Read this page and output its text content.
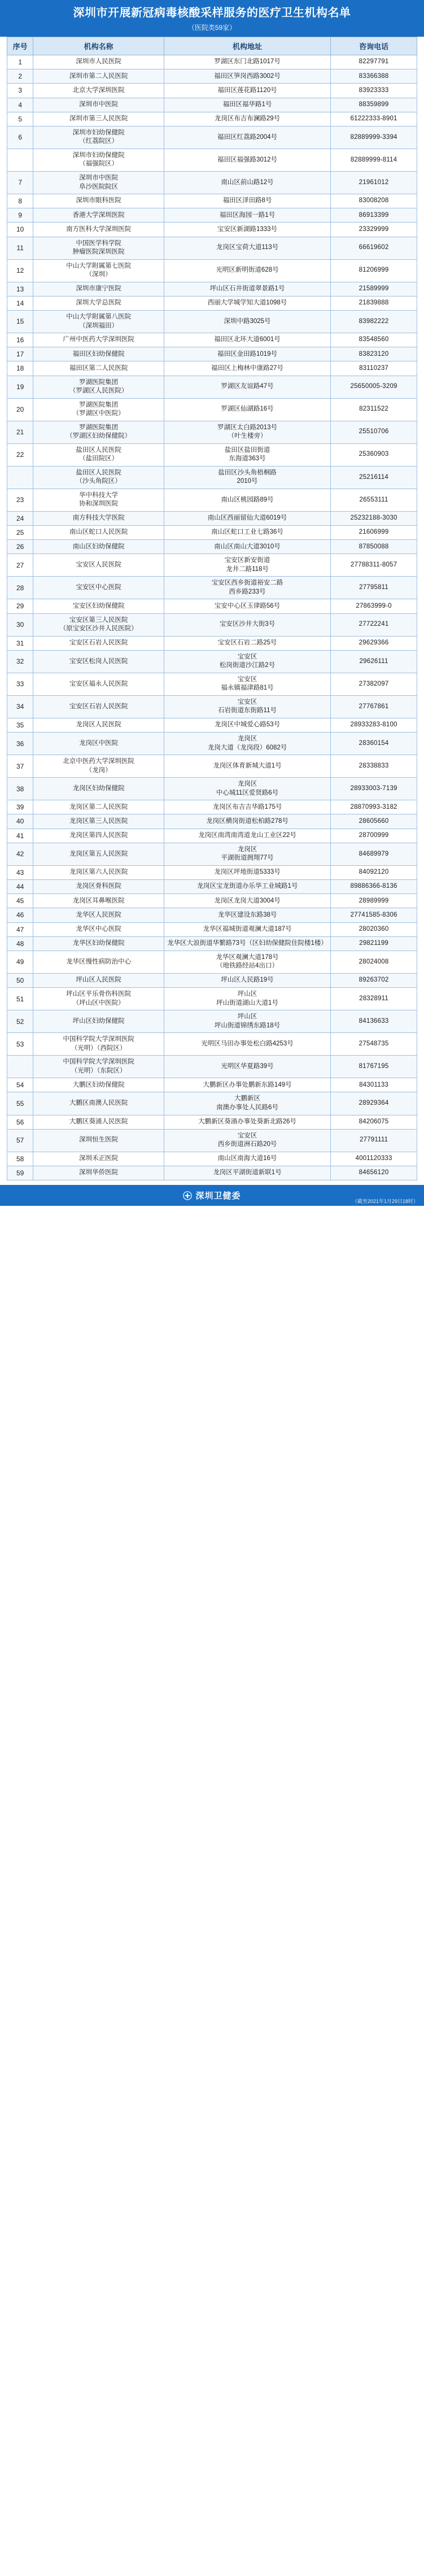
深圳市开展新冠病毒核酸采样服务的医疗卫生机构名单
（医院类59家）
序号	机构名称	机构地址	咨询电话
1	深圳市人民医院	罗湖区东门北路1017号	82297791
2	深圳市第二人民医院	福田区笋岗西路3002号	83366388
3	北京大学深圳医院	福田区莲花路1120号	83923333
4	深圳市中医院	福田区福华路1号	88359899
5	深圳市第三人民医院	龙岗区布吉布澜路29号	61222333-8901
6	深圳市妇幼保健院
（红荔院区）	福田区红荔路2004号	82889999-3394
	深圳市妇幼保健院
（福强院区）	福田区福强路3012号	82889999-8114
7	深圳市中医院
阜沙医院院区	南山区前山路12号	21961012
8	深圳市眼科医院	福田区泽田路8号	83008208
9	香港大学深圳医院	福田区海园一路1号	86913399
10	南方医科大学深圳医院	宝安区新湖路1333号	23329999
11	中国医学科学院
肿瘤医院深圳医院	龙岗区宝荷大道113号	66619602
12	中山大学附属第七医院
（深圳）	光明区新明街道628号	81206999
13	深圳市康宁医院	坪山区石井街道翠景路1号	21589999
14	深圳大学总医院	西丽大学城学知大道1098号	21839888
15	中山大学附属第八医院
（深圳福田）	深圳中路3025号	83982222
16	广州中医药大学深圳医院	福田区北环大道6001号	83548560
17	福田区妇幼保健院	福田区金田路1019号	83823120
18	福田区第二人民医院	福田区上梅林中康路27号	83110237
19	罗湖医院集团
（罗湖区人民医院）	罗湖区友谊路47号	25650005-3209
20	罗湖医院集团
（罗湖区中医院）	罗湖区仙湖路16号	82311522
21	罗湖医院集团
（罗湖区妇幼保健院）	罗湖区太白路2013号
（叶生楼旁）	25510706
22	盐田区人民医院
（盐田院区）	盐田区盐田街道
东海道363号	25360903
	盐田区人民医院
（沙头角院区）	盐田区沙头角梧桐路
2010号	25216114
23	华中科技大学
协和深圳医院	南山区桃园路89号	26553111
24	南方科技大学医院	南山区西丽留仙大道6019号	25232188-3030
25	南山区蛇口人民医院	南山区蛇口工业七路36号	21606999
26	南山区妇幼保健院	南山区南山大道3010号	87850088
27	宝安区人民医院	宝安区新安街道
龙井二路118号	27788311-8057
28	宝安区中心医院	宝安区西乡街道裕安二路
西乡路233号	27795811
29	宝安区妇幼保健院	宝安中心区玉律路56号	27863999-0
30	宝安区第三人民医院
（原宝安区沙井人民医院）	宝安区沙井大街3号	27722241
31	宝安区石岩人民医院	宝安区石岩二路25号	29629366
32	宝安区松岗人民医院	宝安区
松岗街道沙江路2号	29626111
33	宝安区福永人民医院	宝安区
福永镇福津路81号	27382097
34	宝安区石岩人民医院	宝安区
石岩街道东街路11号	27767861
35	龙岗区人民医院	龙岗区中城爱心路53号	28933283-8100
36	龙岗区中医院	龙岗区
龙岗大道（龙岗段）6082号	28360154
37	北京中医药大学深圳医院
（龙岗）	龙岗区体育新城大道1号	28338833
38	龙岗区妇幼保健院	龙岗区
中心城11区爱贤路6号	28933003-7139
39	龙岗区第二人民医院	龙岗区布吉吉华路175号	28870993-3182
40	龙岗区第三人民医院	龙岗区横岗街道松柏路278号	28605660
41	龙岗区第四人民医院	龙岗区南湾南湾道龙山工业区22号	28700999
42	龙岗区第五人民医院	龙岗区
平湖街道拥翔77号	84689979
43	龙岗区第六人民医院	龙岗区坪地街道5333号	84092120
44	龙岗区骨科医院	龙岗区宝龙街道办乐华工业城路1号	89886366-8136
45	龙岗区耳鼻喉医院	龙岗区龙岗大道3004号	28989999
46	龙华区人民医院	龙华区建设东路38号	27741585-8306
47	龙华区中心医院	龙华区福城街道观澜大道187号	28020360
48	龙华区妇幼保健院	龙华区大浪街道华繁路73号（区妇幼保健院住院楼1楼）	29821199
49	龙华区慢性病防治中心	龙华区观澜大道178号
（地铁路经站4出口）	28024008
50	坪山区人民医院	坪山区人民路19号	89263702
51	坪山区平乐骨伤科医院
（坪山区中医院）	坪山区
坪山街道湖山大道1号	28328911
52	坪山区妇幼保健院	坪山区
坪山街道锦绣东路18号	84136633
53	中国科学院大学深圳医院
（光明）（西院区）	光明区马田办事处松白路4253号	27548735
	中国科学院大学深圳医院
（光明）（东院区）	光明区华夏路39号	81767195
54	大鹏区妇幼保健院	大鹏新区办事处鹏新东路149号	84301133
55	大鹏区南澳人民医院	大鹏新区
南澳办事处人民路6号	28929364
56	大鹏区葵涌人民医院	大鹏新区葵涌办事处葵新北路26号	84206075
57	深圳恒生医院	宝安区
西乡街道洲石路20号	27791111
58	深圳禾正医院	南山区南海大道16号	4001120333
59	深圳华侨医院	龙岗区平湖街道新联1号	84656120
深圳卫健委
（截至2021年1月29日18时）
